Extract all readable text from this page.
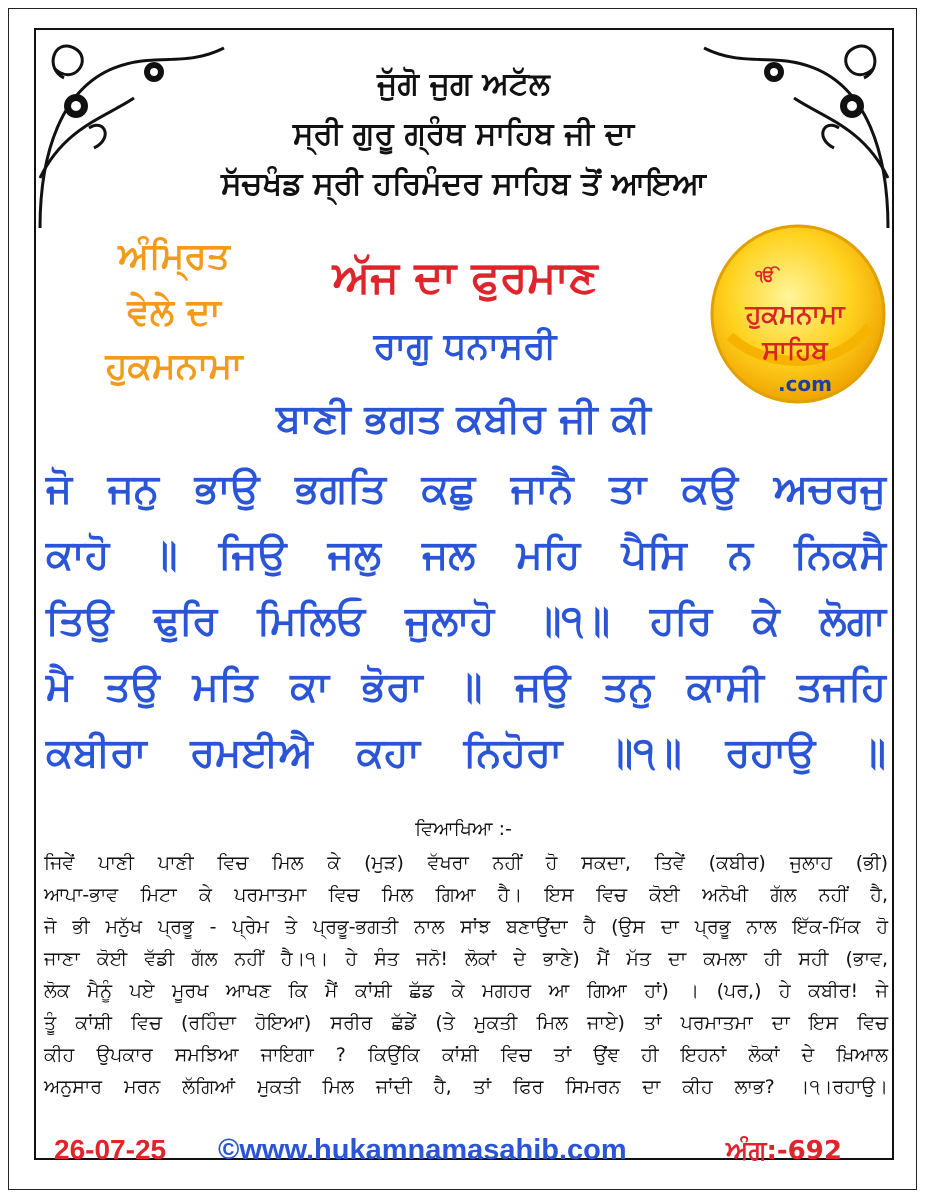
ਜੁੱਗੋ ਜੁਗ ਅਟੱਲ
ਸ੍ਰੀ ਗੁਰੂ ਗ੍ਰੰਥ ਸਾਹਿਬ ਜੀ ਦਾ
ਸੱਚਖੰਡ ਸ੍ਰੀ ਹਰਿਮੰਦਰ ਸਾਹਿਬ ਤੋਂ ਆਇਆ
ਅੰਮ੍ਰਿਤ
ਵੇਲੇ ਦਾ
ਹੁਕਮਨਾਮਾ
ਅੱਜ ਦਾ ਫੁਰਮਾਣ
ਰਾਗੁ ਧਨਾਸਰੀ
ੴ
ਹੁਕਮਨਾਮਾ
ਸਾਹਿਬ
.com
ਬਾਣੀ ਭਗਤ ਕਬੀਰ ਜੀ ਕੀ
ਜੋ ਜਨੁ ਭਾਉ ਭਗਤਿ ਕਛੁ ਜਾਨੈ ਤਾ ਕਉ ਅਚਰਜੁ
ਕਾਹੋ ॥ ਜਿਉ ਜਲੁ ਜਲ ਮਹਿ ਪੈਸਿ ਨ ਨਿਕਸੈ
ਤਿਉ ਢੁਰਿ ਮਿਲਿਓ ਜੁਲਾਹੋ ॥੧॥ ਹਰਿ ਕੇ ਲੋਗਾ
ਮੈ ਤਉ ਮਤਿ ਕਾ ਭੋਰਾ ॥ ਜਉ ਤਨੁ ਕਾਸੀ ਤਜਹਿ
ਕਬੀਰਾ ਰਮਈਐ ਕਹਾ ਨਿਹੋਰਾ ॥੧॥ ਰਹਾਉ ॥
ਵਿਆਖਿਆ :-
ਜਿਵੇਂ ਪਾਣੀ ਪਾਣੀ ਵਿਚ ਮਿਲ ਕੇ (ਮੁੜ) ਵੱਖਰਾ ਨਹੀਂ ਹੋ ਸਕਦਾ, ਤਿਵੇਂ (ਕਬੀਰ) ਜੁਲਾਹ (ਭੀ)
ਆਪਾ-ਭਾਵ ਮਿਟਾ ਕੇ ਪਰਮਾਤਮਾ ਵਿਚ ਮਿਲ ਗਿਆ ਹੈ। ਇਸ ਵਿਚ ਕੋਈ ਅਨੋਖੀ ਗੱਲ ਨਹੀਂ ਹੈ,
ਜੋ ਭੀ ਮਨੁੱਖ ਪ੍ਰਭੂ - ਪ੍ਰੇਮ ਤੇ ਪ੍ਰਭੂ-ਭਗਤੀ ਨਾਲ ਸਾਂਝ ਬਣਾਉਂਦਾ ਹੈ (ਉਸ ਦਾ ਪ੍ਰਭੂ ਨਾਲ ਇੱਕ-ਮਿੱਕ ਹੋ
ਜਾਣਾ ਕੋਈ ਵੱਡੀ ਗੱਲ ਨਹੀਂ ਹੈ।੧। ਹੇ ਸੰਤ ਜਨੋ! ਲੋਕਾਂ ਦੇ ਭਾਣੇ) ਮੈਂ ਮੱਤ ਦਾ ਕਮਲਾ ਹੀ ਸਹੀ (ਭਾਵ,
ਲੋਕ ਮੈਨੂੰ ਪਏ ਮੂਰਖ ਆਖਣ ਕਿ ਮੈਂ ਕਾਂਸ਼ੀ ਛੱਡ ਕੇ ਮਗਹਰ ਆ ਗਿਆ ਹਾਂ) । (ਪਰ,) ਹੇ ਕਬੀਰ! ਜੇ
ਤੂੰ ਕਾਂਸ਼ੀ ਵਿਚ (ਰਹਿੰਦਾ ਹੋਇਆ) ਸਰੀਰ ਛੱਡੇਂ (ਤੇ ਮੁਕਤੀ ਮਿਲ ਜਾਏ) ਤਾਂ ਪਰਮਾਤਮਾ ਦਾ ਇਸ ਵਿਚ
ਕੀਹ ਉਪਕਾਰ ਸਮਝਿਆ ਜਾਇਗਾ ? ਕਿਉਂਕਿ ਕਾਂਸ਼ੀ ਵਿਚ ਤਾਂ ਉਂਞ ਹੀ ਇਹਨਾਂ ਲੋਕਾਂ ਦੇ ਖ਼ਿਆਲ
ਅਨੁਸਾਰ ਮਰਨ ਲੱਗਿਆਂ ਮੁਕਤੀ ਮਿਲ ਜਾਂਦੀ ਹੈ, ਤਾਂ ਫਿਰ ਸਿਮਰਨ ਦਾ ਕੀਹ ਲਾਭ? ।੧।ਰਹਾਉ।
26-07-25 ©www.hukamnamasahib.com	ਅੰਗ:-692
